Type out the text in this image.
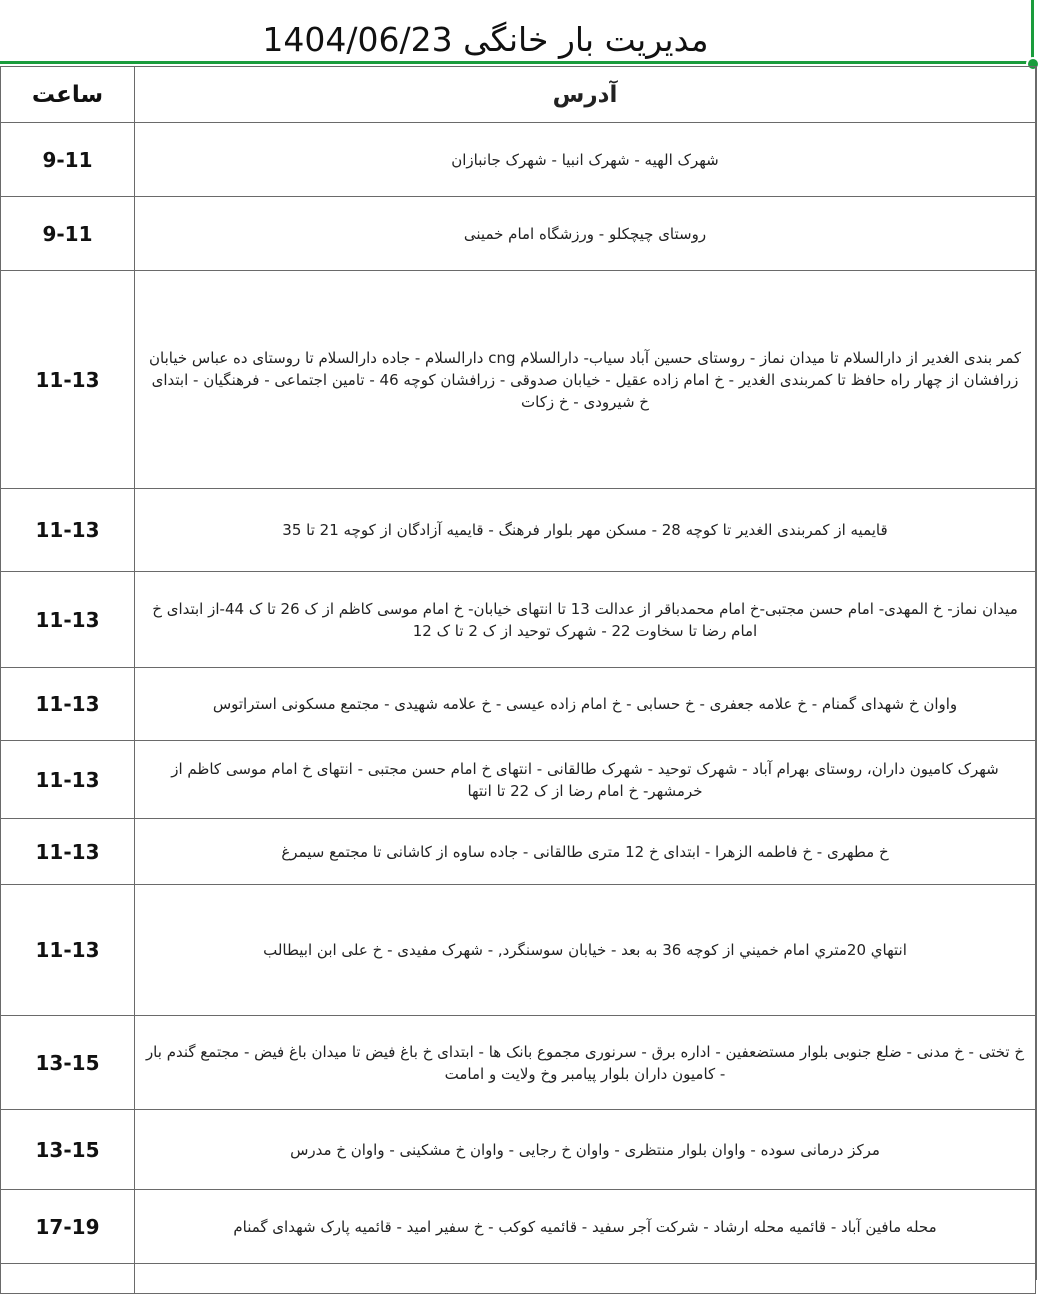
مدیریت بار خانگی 1404/06/23
ساعت	آدرس
9-11	شهرک الهیه - شهرک انبیا - شهرک جانبازان
9-11	روستای چیچکلو - ورزشگاه امام خمینی
11-13	کمر بندی الغدیر از دارالسلام تا میدان نماز - روستای حسین آباد سیاب- دارالسلام cng دارالسلام - جاده دارالسلام تا روستای ده عباس خیابان زرافشان از چهار راه حافظ تا کمربندی الغدیر - خ امام زاده عقیل - خیابان صدوقی - زرافشان کوچه 46 - تامین اجتماعی - فرهنگیان - ابتدای خ شیرودی - خ زکات
11-13	قایمیه از کمربندی الغدیر تا کوچه 28 - مسکن مهر بلوار فرهنگ - قایمیه آزادگان از کوچه 21 تا 35
11-13	میدان نماز- خ المهدی- امام حسن مجتبی-خ امام محمدباقر از عدالت 13 تا انتهای خیابان- خ امام موسی کاظم از ک 26 تا ک 44-از ابتدای خ امام رضا تا سخاوت 22 - شهرک توحید از ک 2 تا ک 12
11-13	واوان خ شهدای گمنام - خ علامه جعفری - خ حسابی - خ امام زاده عیسی - خ علامه شهیدی - مجتمع مسکونی استراتوس
11-13	شهرک کامیون داران، روستای بهرام آباد - شهرک توحید - شهرک طالقانی - انتهای خ امام حسن مجتبی - انتهای خ امام موسی کاظم از خرمشهر- خ امام رضا از ک 22 تا انتها
11-13	خ مطهری - خ فاطمه الزهرا - ابتدای خ 12 متری طالقانی - جاده ساوه از کاشانی تا مجتمع سیمرغ
11-13	انتهاي 20متري امام خميني از كوچه 36 به بعد - خيابان سوسنگرد, - شهرک مفیدی - خ علی ابن ابیطالب
13-15	خ تختی - خ مدنی - ضلع جنوبی بلوار مستضعفین - اداره برق - سرنوری مجموع بانک ها - ابتدای خ باغ فیض تا میدان باغ فیض - مجتمع گندم بار - کامیون داران بلوار پیامبر وخ ولایت و امامت
13-15	مرکز درمانی سوده - واوان بلوار منتظری - واوان خ رجایی - واوان خ مشکینی - واوان خ مدرس
17-19	محله مافین آباد - قائمیه محله ارشاد - شرکت آجر سفید - قائمیه کوکب - خ سفیر امید - قائمیه پارک شهدای گمنام
